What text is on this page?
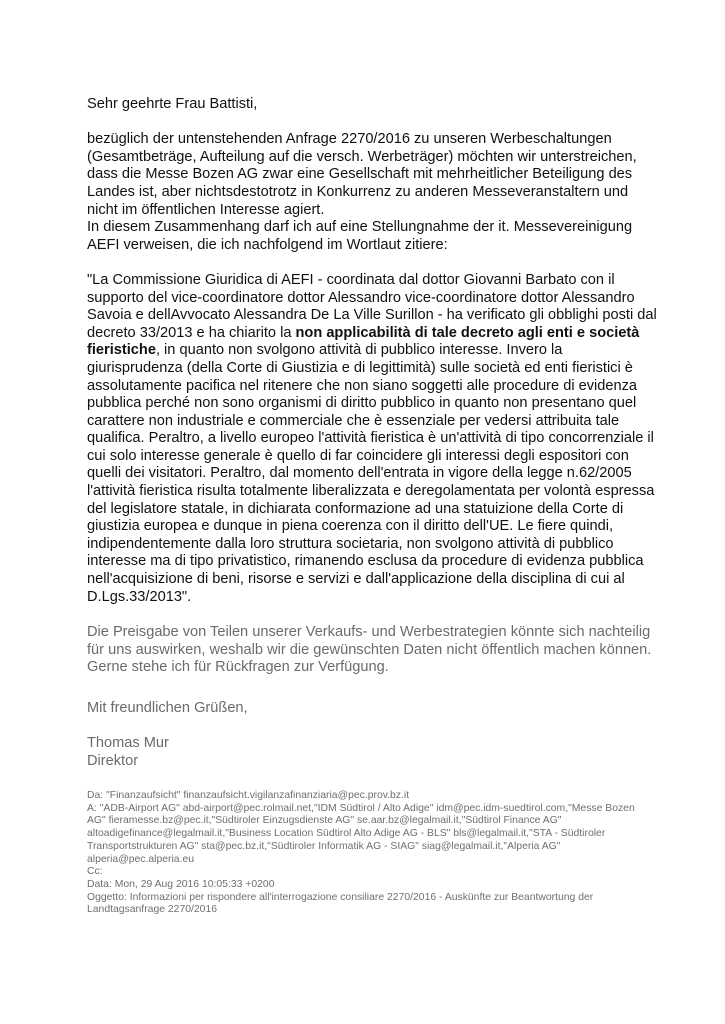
Sehr geehrte Frau Battisti,

bezüglich der untenstehenden Anfrage 2270/2016 zu unseren Werbeschaltungen (Gesamtbeträge, Aufteilung auf die versch. Werbeträger) möchten wir unterstreichen, dass die Messe Bozen AG zwar eine Gesellschaft mit mehrheitlicher Beteiligung des Landes ist, aber nichtsdestotrotz in Konkurrenz zu anderen Messeveranstaltern und nicht im öffentlichen Interesse agiert.

In diesem Zusammenhang darf ich auf eine Stellungnahme der it. Messevereinigung AEFI verweisen, die ich nachfolgend im Wortlaut zitiere:

"La Commissione Giuridica di AEFI - coordinata dal dottor Giovanni Barbato con il supporto del vice-coordinatore dottor Alessandro vice-coordinatore dottor Alessandro Savoia e dellAvvocato Alessandra De La Ville Surillon - ha verificato gli obblighi posti dal decreto 33/2013 e ha chiarito la non applicabilità di tale decreto agli enti e società fieristiche, in quanto non svolgono attività di pubblico interesse. Invero la giurisprudenza (della Corte di Giustizia e di legittimità) sulle società ed enti fieristici è assolutamente pacifica nel ritenere che non siano soggetti alle procedure di evidenza pubblica perché non sono organismi di diritto pubblico in quanto non presentano quel carattere non industriale e commerciale che è essenziale per vedersi attribuita tale qualifica. Peraltro, a livello europeo l'attività fieristica è un'attività di tipo concorrenziale il cui solo interesse generale è quello di far coincidere gli interessi degli espositori con quelli dei visitatori. Peraltro, dal momento dell'entrata in vigore della legge n.62/2005 l'attività fieristica risulta totalmente liberalizzata e deregolamentata per volontà espressa del legislatore statale, in dichiarata conformazione ad una statuizione della Corte di giustizia europea e dunque in piena coerenza con il diritto dell'UE. Le fiere quindi, indipendentemente dalla loro struttura societaria, non svolgono attività di pubblico interesse ma di tipo privatistico, rimanendo esclusa da procedure di evidenza pubblica nell'acquisizione di beni, risorse e servizi e dall'applicazione della disciplina di cui al D.Lgs.33/2013".

Die Preisgabe von Teilen unserer Verkaufs- und Werbestrategien könnte sich nachteilig für uns auswirken, weshalb wir die gewünschten Daten nicht öffentlich machen können.

Gerne stehe ich für Rückfragen zur Verfügung.

Mit freundlichen Grüßen,

Thomas Mur

Direktor

Da: "Finanzaufsicht" finanzaufsicht.vigilanzafinanziaria@pec.prov.bz.it
A: "ADB-Airport AG" abd-airport@pec.rolmail.net,"IDM Südtirol / Alto Adige" idm@pec.idm-suedtirol.com,"Messe Bozen AG" fieramesse.bz@pec.it,"Südtiroler Einzugsdienste AG" se.aar.bz@legalmail.it,"Südtirol Finance AG" altoadigefinance@legalmail.it,"Business Location Südtirol Alto Adige AG - BLS" bls@legalmail.it,"STA - Südtiroler Transportstrukturen AG" sta@pec.bz.it,"Südtiroler Informatik AG - SIAG" siag@legalmail.it,"Alperia AG" alperia@pec.alperia.eu
Cc:
Data: Mon, 29 Aug 2016 10:05:33 +0200
Oggetto: Informazioni per rispondere all'interrogazione consiliare 2270/2016 - Auskünfte zur Beantwortung der Landtagsanfrage 2270/2016
